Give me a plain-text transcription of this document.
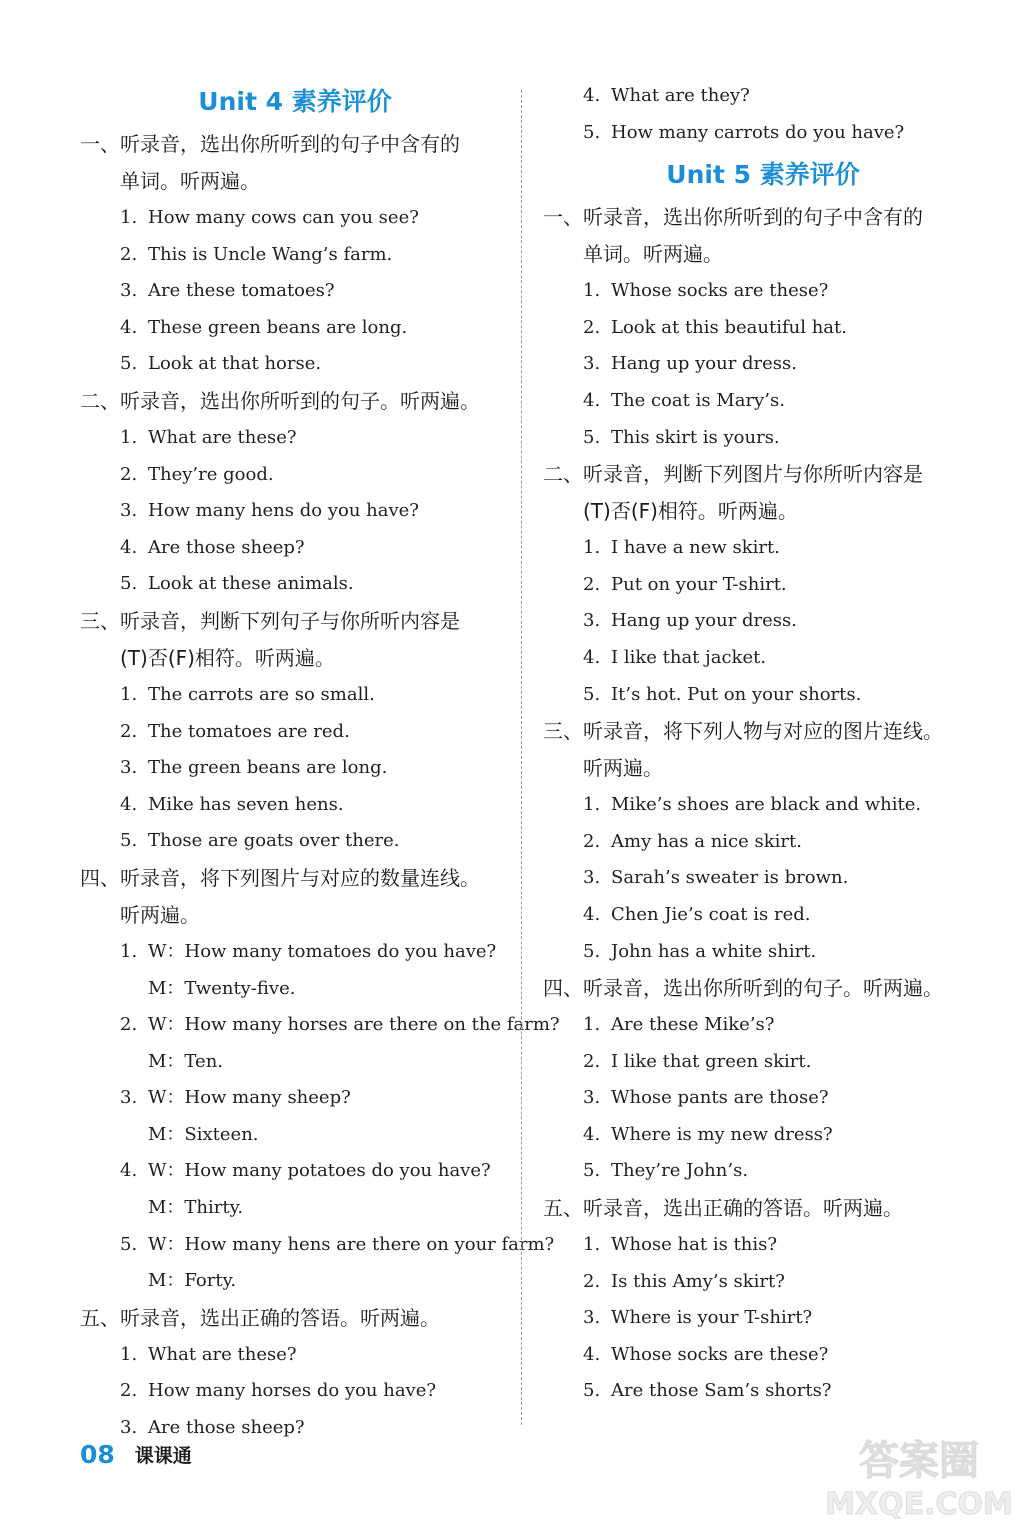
Unit 4 素养评价
一、听录音，选出你所听到的句子中含有的
单词。听两遍。
1. How many cows can you see?
2. This is Uncle Wang’s farm.
3. Are these tomatoes?
4. These green beans are long.
5. Look at that horse.
二、听录音，选出你所听到的句子。听两遍。
1. What are these?
2. They’re good.
3. How many hens do you have?
4. Are those sheep?
5. Look at these animals.
三、听录音，判断下列句子与你所听内容是
(T)否(F)相符。听两遍。
1. The carrots are so small.
2. The tomatoes are red.
3. The green beans are long.
4. Mike has seven hens.
5. Those are goats over there.
四、听录音，将下列图片与对应的数量连线。
听两遍。
1. W：How many tomatoes do you have?
M：Twenty-five.
2. W：How many horses are there on the farm?
M：Ten.
3. W：How many sheep?
M：Sixteen.
4. W：How many potatoes do you have?
M：Thirty.
5. W：How many hens are there on your farm?
M：Forty.
五、听录音，选出正确的答语。听两遍。
1. What are these?
2. How many horses do you have?
3. Are those sheep?
4. What are they?
5. How many carrots do you have?
Unit 5 素养评价
一、听录音，选出你所听到的句子中含有的
单词。听两遍。
1. Whose socks are these?
2. Look at this beautiful hat.
3. Hang up your dress.
4. The coat is Mary’s.
5. This skirt is yours.
二、听录音，判断下列图片与你所听内容是
(T)否(F)相符。听两遍。
1. I have a new skirt.
2. Put on your T-shirt.
3. Hang up your dress.
4. I like that jacket.
5. It’s hot. Put on your shorts.
三、听录音，将下列人物与对应的图片连线。
听两遍。
1. Mike’s shoes are black and white.
2. Amy has a nice skirt.
3. Sarah’s sweater is brown.
4. Chen Jie’s coat is red.
5. John has a white shirt.
四、听录音，选出你所听到的句子。听两遍。
1. Are these Mike’s?
2. I like that green skirt.
3. Whose pants are those?
4. Where is my new dress?
5. They’re John’s.
五、听录音，选出正确的答语。听两遍。
1. Whose hat is this?
2. Is this Amy’s skirt?
3. Where is your T-shirt?
4. Whose socks are these?
5. Are those Sam’s shorts?
08 课课通	答案圈
MXQE.COM
